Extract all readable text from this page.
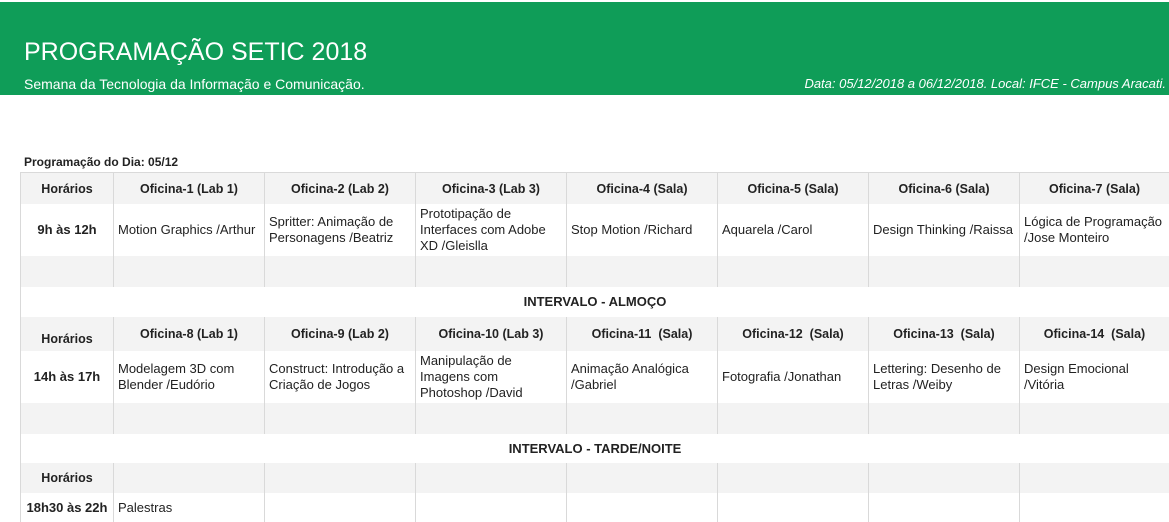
PROGRAMAÇÃO SETIC 2018
Semana da Tecnologia da Informação e Comunicação.	Data: 05/12/2018 a 06/12/2018. Local: IFCE - Campus Aracati.
Programação do Dia: 05/12
Horários	Oficina-1 (Lab 1)	Oficina-2 (Lab 2)	Oficina-3 (Lab 3)	Oficina-4 (Sala)	Oficina-5 (Sala)	Oficina-6 (Sala)	Oficina-7 (Sala)
9h às 12h	Motion Graphics /Arthur	Spritter: Animação de
Personagens /Beatriz	Prototipação de
Interfaces com Adobe
XD /Gleislla	Stop Motion /Richard	Aquarela /Carol	Design Thinking /Raissa	Lógica de Programação
/Jose Monteiro

INTERVALO - ALMOÇO							
Horários	Oficina-8 (Lab 1)	Oficina-9 (Lab 2)	Oficina-10 (Lab 3)	Oficina-11  (Sala)	Oficina-12  (Sala)	Oficina-13  (Sala)	Oficina-14  (Sala)
14h às 17h	Modelagem 3D com
Blender /Eudório	Construct: Introdução a
Criação de Jogos	Manipulação de
Imagens com
Photoshop /David	Animação Analógica
/Gabriel	Fotografia /Jonathan	Lettering: Desenho de
Letras /Weiby	Design Emocional
/Vitória

INTERVALO - TARDE/NOITE							
Horários							
18h30 às 22h	Palestras						
